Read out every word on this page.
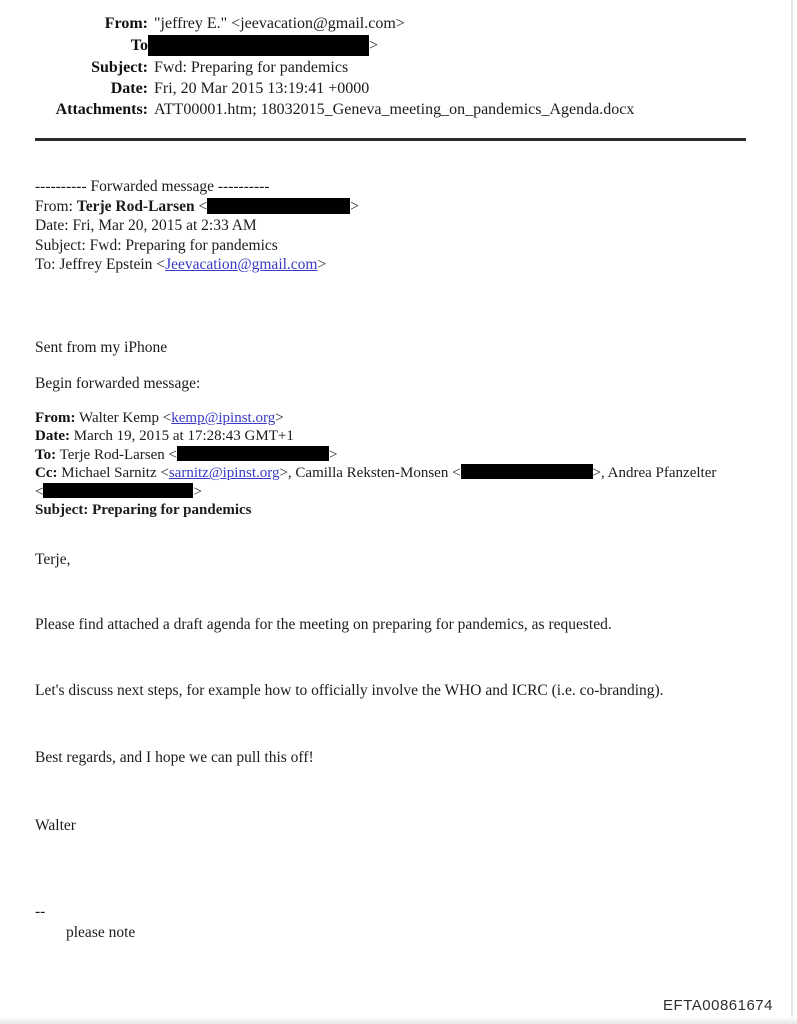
From: "jeffrey E." <jeevacation@gmail.com>
To	>
Subject: Fwd: Preparing for pandemics
Date: Fri, 20 Mar 2015 13:19:41 +0000
Attachments: ATT00001.htm; 18032015_Geneva_meeting_on_pandemics_Agenda.docx
---------- Forwarded message ----------
From: Terje Rod-Larsen <	>
Date: Fri, Mar 20, 2015 at 2:33 AM
Subject: Fwd: Preparing for pandemics
To: Jeffrey Epstein <Jeevacation@gmail.com>
Sent from my iPhone
Begin forwarded message:
From: Walter Kemp <kemp@ipinst.org>
Date: March 19, 2015 at 17:28:43 GMT+1
To: Terje Rod-Larsen <	>
Cc: Michael Sarnitz <sarnitz@ipinst.org>, Camilla Reksten-Monsen <	>, Andrea Pfanzelter
<	>
Subject: Preparing for pandemics
Terje,
Please find attached a draft agenda for the meeting on preparing for pandemics, as requested.
Let's discuss next steps, for example how to officially involve the WHO and ICRC (i.e. co-branding).
Best regards, and I hope we can pull this off!
Walter
--
please note
EFTA00861674
